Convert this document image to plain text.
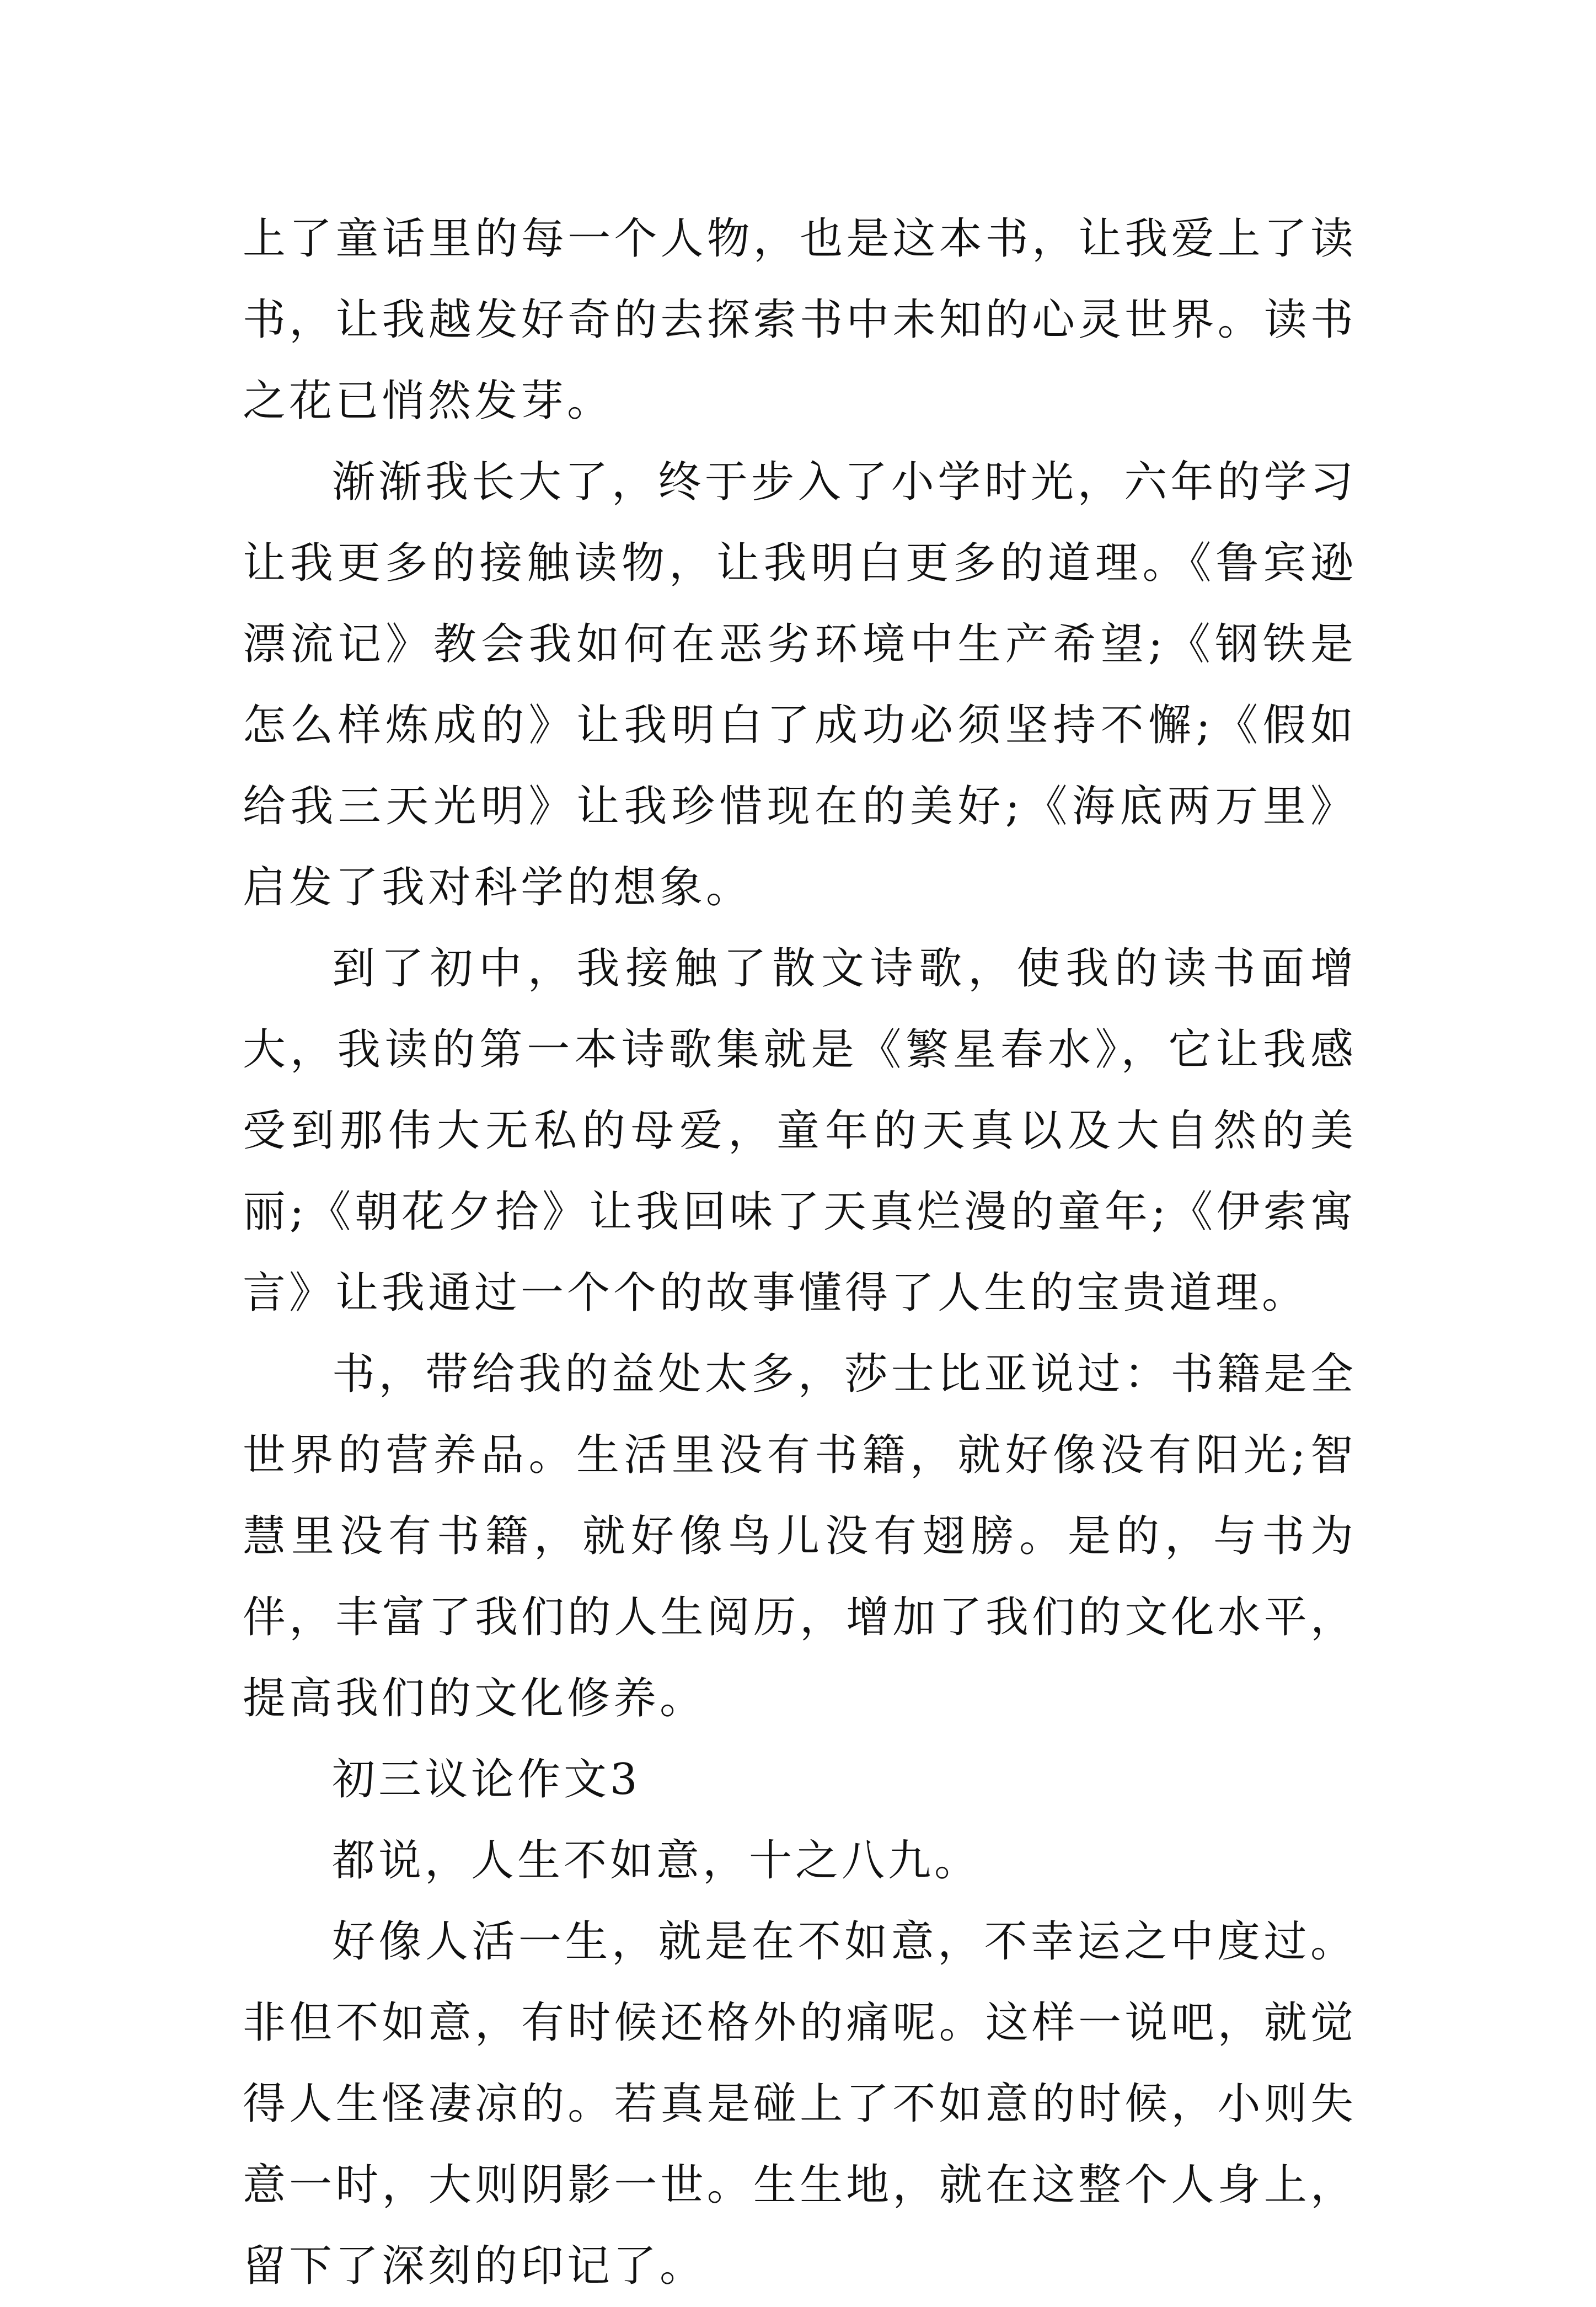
上了童话里的每一个人物，也是这本书，让我爱上了读书，让我越发好奇的去探索书中未知的心灵世界。读书之花已悄然发芽。

渐渐我长大了，终于步入了小学时光，六年的学习让我更多的接触读物，让我明白更多的道理。《鲁宾逊漂流记》教会我如何在恶劣环境中生产希望;《钢铁是怎么样炼成的》让我明白了成功必须坚持不懈;《假如给我三天光明》让我珍惜现在的美好;《海底两万里》启发了我对科学的想象。

到了初中，我接触了散文诗歌，使我的读书面增大，我读的第一本诗歌集就是《繁星春水》，它让我感受到那伟大无私的母爱，童年的天真以及大自然的美丽;《朝花夕拾》让我回味了天真烂漫的童年;《伊索寓言》让我通过一个个的故事懂得了人生的宝贵道理。

书，带给我的益处太多，莎士比亚说过：书籍是全世界的营养品。生活里没有书籍，就好像没有阳光;智慧里没有书籍，就好像鸟儿没有翅膀。是的，与书为伴，丰富了我们的人生阅历，增加了我们的文化水平，提高我们的文化修养。

初三议论作文3

都说，人生不如意，十之八九。

好像人活一生，就是在不如意，不幸运之中度过。非但不如意，有时候还格外的痛呢。这样一说吧，就觉得人生怪凄凉的。若真是碰上了不如意的时候，小则失意一时，大则阴影一世。生生地，就在这整个人身上，留下了深刻的印记了。
